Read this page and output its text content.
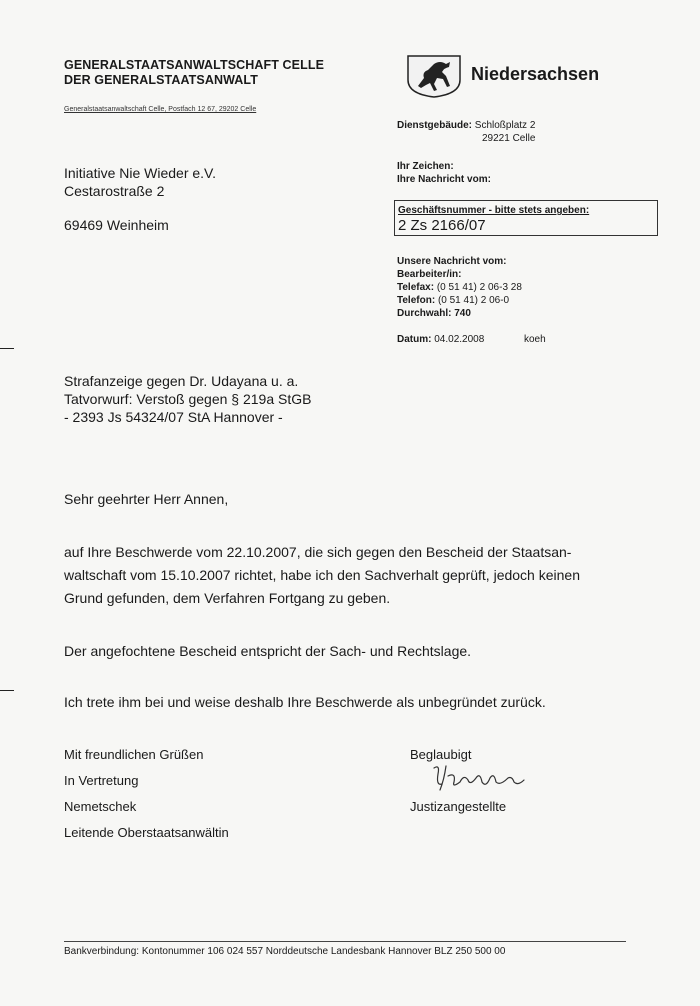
GENERALSTAATSANWALTSCHAFT CELLE
DER GENERALSTAATSANWALT
Generalstaatsanwaltschaft Celle, Postfach 12 67, 29202 Celle
Niedersachsen
Dienstgebäude: Schloßplatz 2
29221 Celle
Ihr Zeichen:
Ihre Nachricht vom:
Geschäftsnummer - bitte stets angeben:
2 Zs 2166/07
Unsere Nachricht vom:
Bearbeiter/in:
Telefax: (0 51 41) 2 06-3 28
Telefon: (0 51 41) 2 06-0
Durchwahl: 740
Datum: 04.02.2008	koeh
Initiative Nie Wieder e.V.
Cestarostraße 2
69469 Weinheim
Strafanzeige gegen Dr. Udayana u. a.
Tatvorwurf: Verstoß gegen § 219a StGB
- 2393 Js 54324/07 StA Hannover -
Sehr geehrter Herr Annen,
auf Ihre Beschwerde vom 22.10.2007, die sich gegen den Bescheid der Staatsan-
waltschaft vom 15.10.2007 richtet, habe ich den Sachverhalt geprüft, jedoch keinen
Grund gefunden, dem Verfahren Fortgang zu geben.
Der angefochtene Bescheid entspricht der Sach- und Rechtslage.
Ich trete ihm bei und weise deshalb Ihre Beschwerde als unbegründet zurück.
Mit freundlichen Grüßen
In Vertretung
Nemetschek
Leitende Oberstaatsanwältin
Beglaubigt
Justizangestellte
Bankverbindung: Kontonummer 106 024 557 Norddeutsche Landesbank Hannover BLZ 250 500 00
